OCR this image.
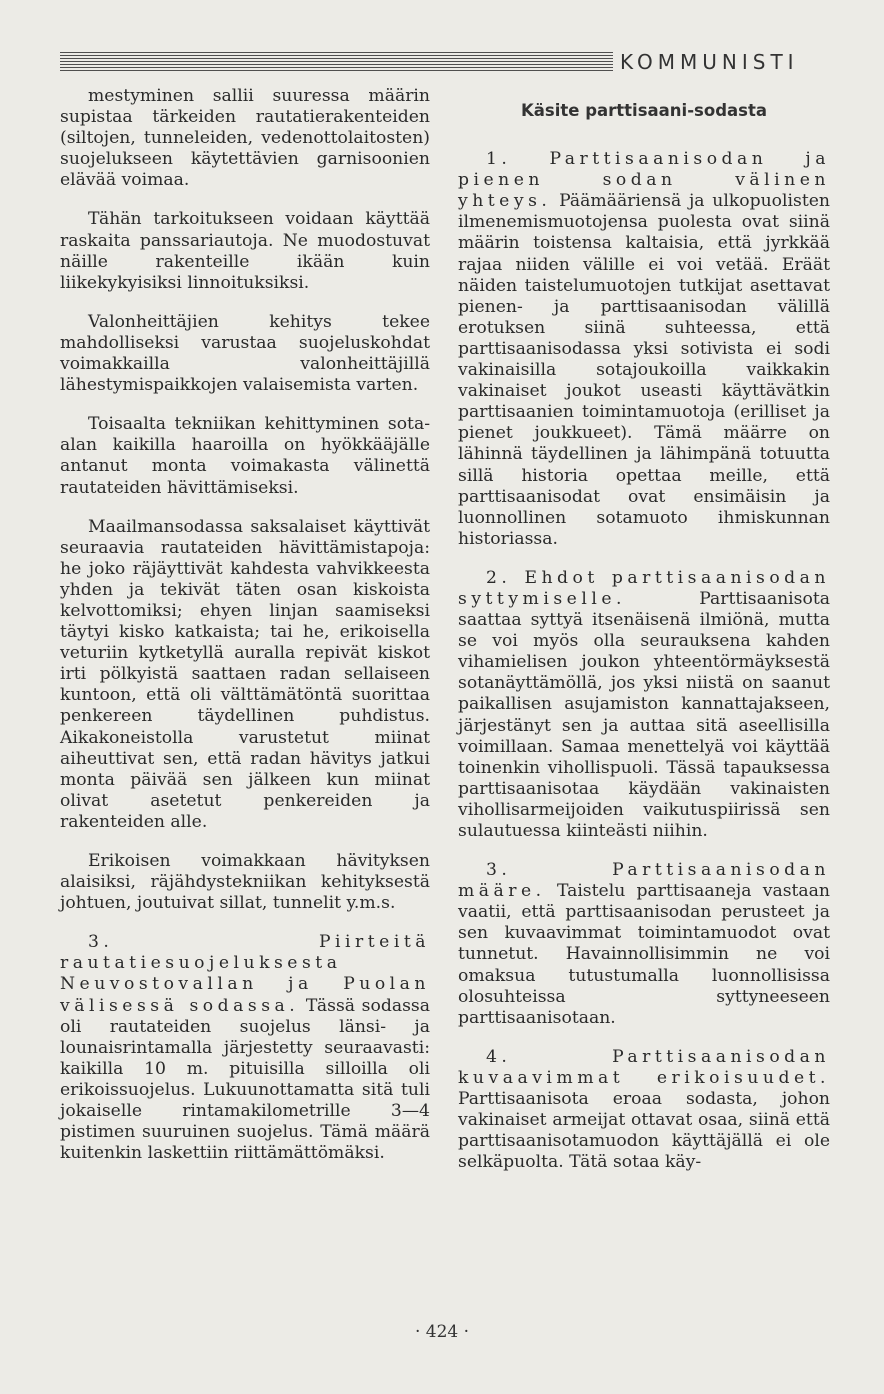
KOMMUNISTI

mestyminen sallii suuressa määrin supistaa tärkeiden rautatierakenteiden (siltojen, tunneleiden, vedenottolaitosten) suojelukseen käytettävien garnisoonien elävää voimaa.

Tähän tarkoitukseen voidaan käyttää raskaita panssariautoja. Ne muodostuvat näille rakenteille ikään kuin liikekykyisiksi linnoituksiksi.

Valonheittäjien kehitys tekee mahdolliseksi varustaa suojeluskohdat voimakkailla valonheittäjillä lähestymispaikkojen valaisemista varten.

Toisaalta tekniikan kehittyminen sota-alan kaikilla haaroilla on hyökkääjälle antanut monta voimakasta välinettä rautateiden hävittämiseksi.

Maailmansodassa saksalaiset käyttivät seuraavia rautateiden hävittämistapoja: he joko räjäyttivät kahdesta vahvikkeesta yhden ja tekivät täten osan kiskoista kelvottomiksi; ehyen linjan saamiseksi täytyi kisko katkaista; tai he, erikoisella veturiin kytketyllä auralla repivät kiskot irti pölkyistä saattaen radan sellaiseen kuntoon, että oli välttämätöntä suorittaa penkereen täydellinen puhdistus. Aikakoneistolla varustetut miinat aiheuttivat sen, että radan hävitys jatkui monta päivää sen jälkeen kun miinat olivat asetetut penkereiden ja rakenteiden alle.

Erikoisen voimakkaan hävityksen alaisiksi, räjähdystekniikan kehityksestä johtuen, joutuivat sillat, tunnelit y.m.s.

3. Piirteitä rautatiesuojeluksesta Neuvostovallan ja Puolan välisessä sodassa. Tässä sodassa oli rautateiden suojelus länsi- ja lounaisrintamalla järjestetty seuraavasti: kaikilla 10 m. pituisilla silloilla oli erikoissuojelus. Lukuunottamatta sitä tuli jokaiselle rintamakilometrille 3—4 pistimen suuruinen suojelus. Tämä määrä kuitenkin laskettiin riittämättömäksi.

Käsite parttisaani-sodasta

1. Parttisaanisodan ja pienen sodan välinen yhteys. Päämääriensä ja ulkopuolisten ilmenemismuotojensa puolesta ovat siinä määrin toistensa kaltaisia, että jyrkkää rajaa niiden välille ei voi vetää. Eräät näiden taistelumuotojen tutkijat asettavat pienen- ja parttisaanisodan välillä erotuksen siinä suhteessa, että parttisaanisodassa yksi sotivista ei sodi vakinaisilla sotajoukoilla vaikkakin vakinaiset joukot useasti käyttävätkin parttisaanien toimintamuotoja (erilliset ja pienet joukkueet). Tämä määrre on lähinnä täydellinen ja lähimpänä totuutta sillä historia opettaa meille, että parttisaanisodat ovat ensimäisin ja luonnollinen sotamuoto ihmiskunnan historiassa.

2. Ehdot parttisaanisodan syttymiselle.	Parttisaanisota saattaa syttyä itsenäisenä ilmiönä, mutta se voi myös olla seurauksena kahden vihamielisen joukon yhteentörmäyksestä sotanäyttämöllä, jos yksi niistä on saanut paikallisen asujamiston kannattajakseen, järjestänyt sen ja auttaa sitä aseellisilla voimillaan. Samaa menettelyä voi käyttää toinenkin vihollispuoli. Tässä tapauksessa parttisaanisotaa käydään vakinaisten vihollisarmeijoiden vaikutuspiirissä sen sulautuessa kiinteästi niihin.

3. Parttisaanisodan määre. Taistelu parttisaaneja vastaan vaatii, että parttisaanisodan perusteet ja sen kuvaavimmat toimintamuodot ovat tunnetut. Havainnollisimmin ne voi omaksua tutustumalla luonnollisissa olosuhteissa syttyneeseen parttisaanisotaan.

4. Parttisaanisodan kuvaavimmat erikoisuudet. Parttisaanisota eroaa sodasta, johon vakinaiset armeijat ottavat osaa, siinä että parttisaanisotamuodon käyttäjällä ei ole selkäpuolta. Tätä sotaa käy-

· 424 ·
